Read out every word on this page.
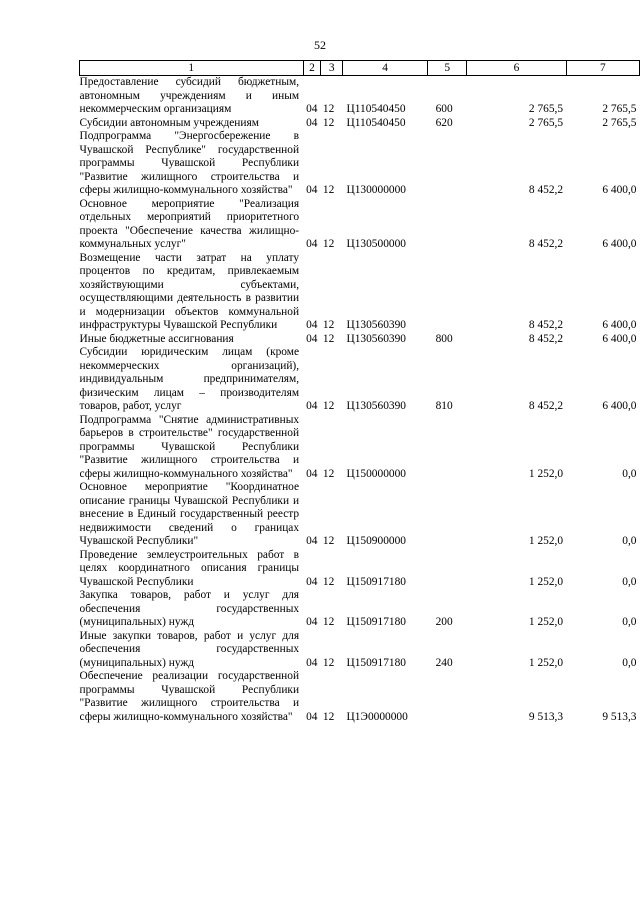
52
1	2	3	4	5	6	7
Предоставление субсидий бюджетным, автономным учреждениям и иным некоммерческим организациям	04	12	Ц110540450	600	2 765,5	2 765,5
Субсидии автономным учреждениям	04	12	Ц110540450	620	2 765,5	2 765,5
Подпрограмма "Энергосбережение в Чувашской Республике" государственной программы Чувашской Республики "Развитие жилищного строительства и сферы жилищно-коммунального хозяйства"	04	12	Ц130000000		8 452,2	6 400,0
Основное мероприятие "Реализация отдельных мероприятий приоритетного проекта "Обеспечение качества жилищно-коммунальных услуг"	04	12	Ц130500000		8 452,2	6 400,0
Возмещение части затрат на уплату процентов по кредитам, привлекаемым хозяйствующими субъектами, осуществляющими деятельность в развитии и модернизации объектов коммунальной инфраструктуры Чувашской Республики	04	12	Ц130560390		8 452,2	6 400,0
Иные бюджетные ассигнования	04	12	Ц130560390	800	8 452,2	6 400,0
Субсидии юридическим лицам (кроме некоммерческих организаций), индивидуальным предпринимателям, физическим лицам – производителям товаров, работ, услуг	04	12	Ц130560390	810	8 452,2	6 400,0
Подпрограмма "Снятие административных барьеров в строительстве" государственной программы Чувашской Республики "Развитие жилищного строительства и сферы жилищно-коммунального хозяйства"	04	12	Ц150000000		1 252,0	0,0
Основное мероприятие "Координатное описание границы Чувашской Республики и внесение в Единый государственный реестр недвижимости сведений о границах Чувашской Республики"	04	12	Ц150900000		1 252,0	0,0
Проведение землеустроительных работ в целях координатного описания границы Чувашской Республики	04	12	Ц150917180		1 252,0	0,0
Закупка товаров, работ и услуг для обеспечения государственных (муниципальных) нужд	04	12	Ц150917180	200	1 252,0	0,0
Иные закупки товаров, работ и услуг для обеспечения государственных (муниципальных) нужд	04	12	Ц150917180	240	1 252,0	0,0
Обеспечение реализации государственной программы Чувашской Республики "Развитие жилищного строительства и сферы жилищно-коммунального хозяйства"	04	12	Ц1Э0000000		9 513,3	9 513,3
